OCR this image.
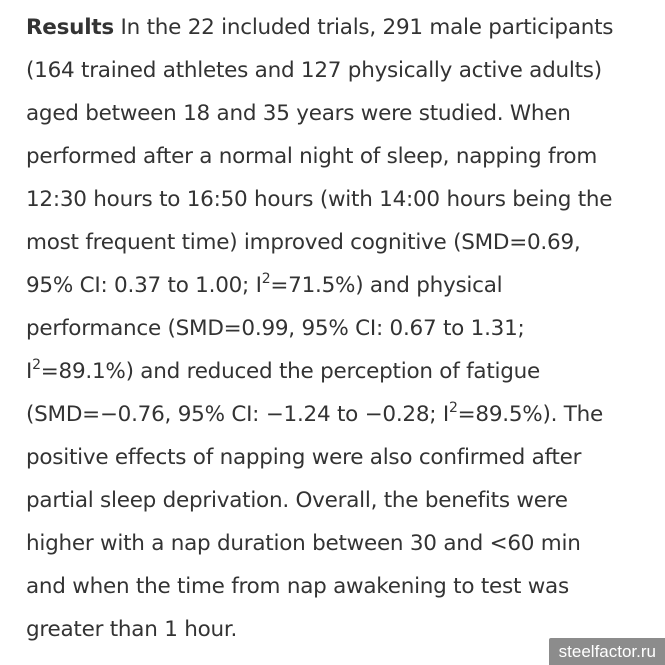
Results In the 22 included trials, 291 male participants
(164 trained athletes and 127 physically active adults)
aged between 18 and 35 years were studied. When
performed after a normal night of sleep, napping from
12:30 hours to 16:50 hours (with 14:00 hours being the
most frequent time) improved cognitive (SMD=0.69,
95% CI: 0.37 to 1.00; $I^2=71.5\%$) and physical
performance (SMD=0.99, 95% CI: 0.67 to 1.31;
$I^2=89.1\%$) and reduced the perception of fatigue
(SMD=−0.76, 95% CI: −1.24 to −0.28; $I^2=89.5\%$). The
positive effects of napping were also confirmed after
partial sleep deprivation. Overall, the benefits were
higher with a nap duration between 30 and <60 min
and when the time from nap awakening to test was
greater than 1 hour.
steelfactor.ru
